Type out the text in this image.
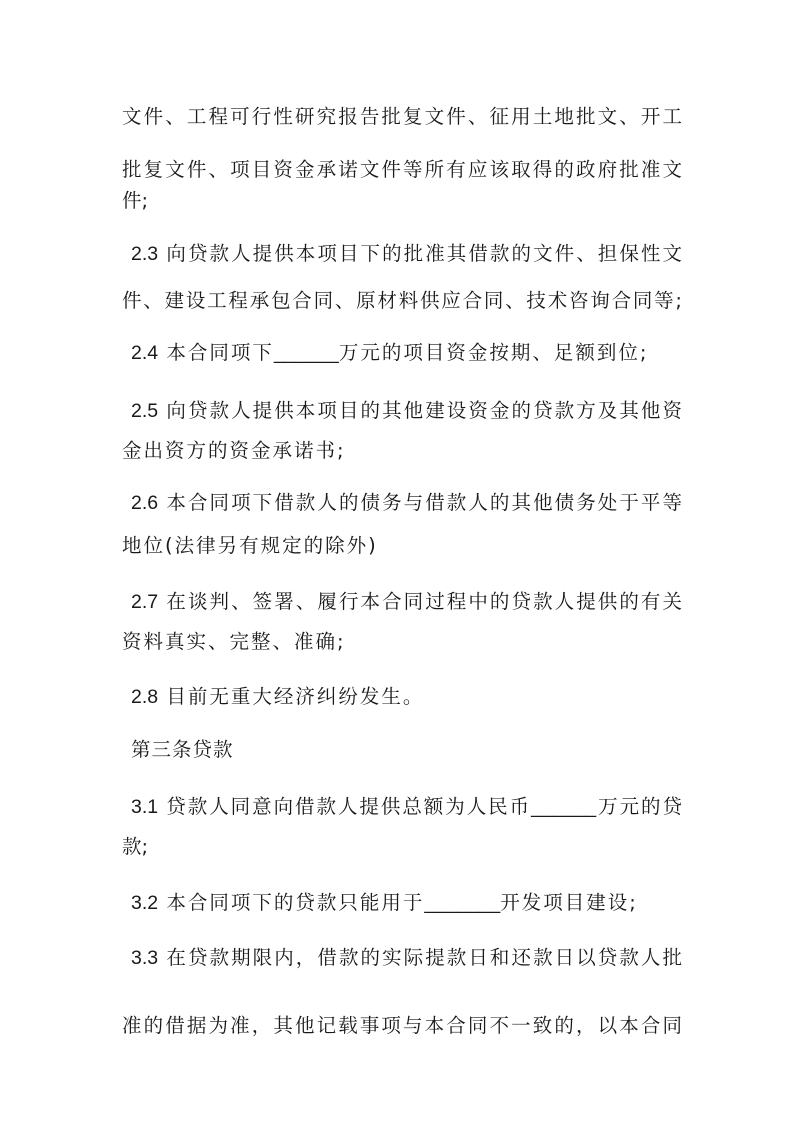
文件、工程可行性研究报告批复文件、征用土地批文、开工
批复文件、项目资金承诺文件等所有应该取得的政府批准文
件;
2.3 向贷款人提供本项目下的批准其借款的文件、担保性文
件、建设工程承包合同、原材料供应合同、技术咨询合同等;
2.4 本合同项下______万元的项目资金按期、足额到位;
2.5 向贷款人提供本项目的其他建设资金的贷款方及其他资
金出资方的资金承诺书;
2.6 本合同项下借款人的债务与借款人的其他债务处于平等
地位(法律另有规定的除外)
2.7 在谈判、签署、履行本合同过程中的贷款人提供的有关
资料真实、完整、准确;
2.8 目前无重大经济纠纷发生。
第三条贷款
3.1 贷款人同意向借款人提供总额为人民币______万元的贷
款;
3.2 本合同项下的贷款只能用于_______开发项目建设;
3.3 在贷款期限内，借款的实际提款日和还款日以贷款人批
准的借据为准，其他记载事项与本合同不一致的，以本合同
